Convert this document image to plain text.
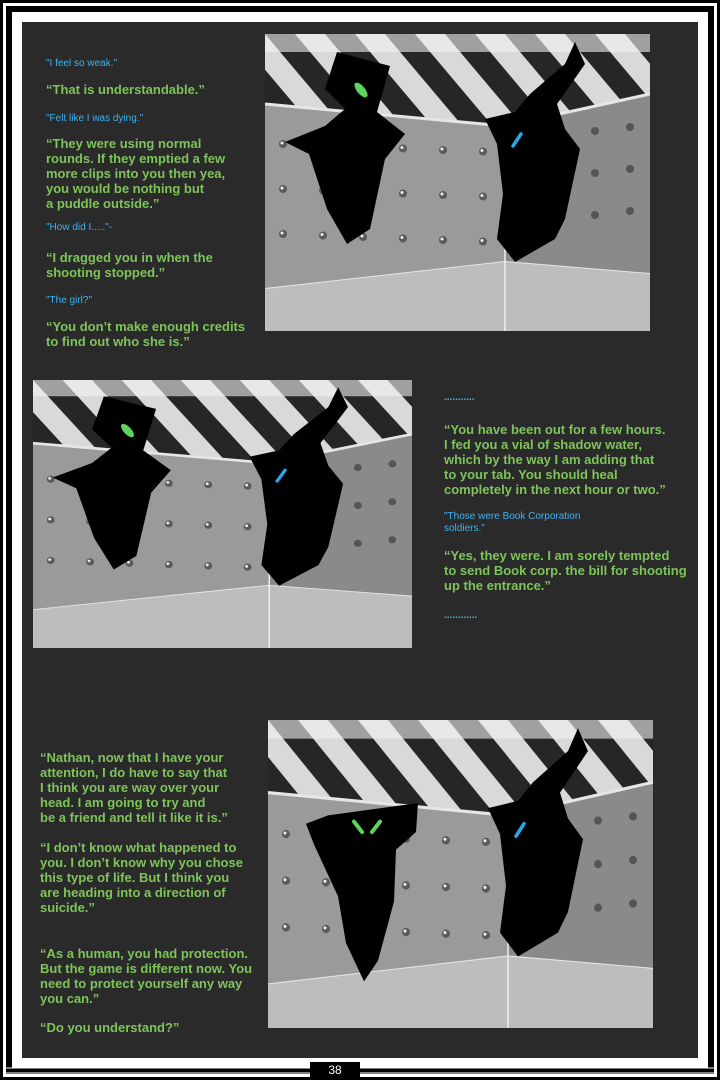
"I feel so weak."
“That is understandable.”
"Felt like I was dying."
“They were using normal
rounds. If they emptied a few
more clips into you then yea,
you would be nothing but
a puddle outside.”
"How did I....."-
“I dragged you in when the
shooting stopped.”
"The girl?"
“You don’t make enough credits
to find out who she is.”
...........
“You have been out for a few hours.
I fed you a vial of shadow water,
which by the way I am adding that
to your tab. You should heal
completely in the next hour or two.”
"Those were Book Corporation
soldiers."
“Yes, they were. I am sorely tempted
to send Book corp. the bill for shooting
up the entrance.”
............
“Nathan, now that I have your
attention, I do have to say that
I think you are way over your
head. I am going to try and
be a friend and tell it like it is.”
“I don’t know what happened to
you. I don’t know why you chose
this type of life. But I think you
are heading into a direction of
suicide.”
“As a human, you had protection.
But the game is different now. You
need to protect yourself any way
you can.”
“Do you understand?”
38
